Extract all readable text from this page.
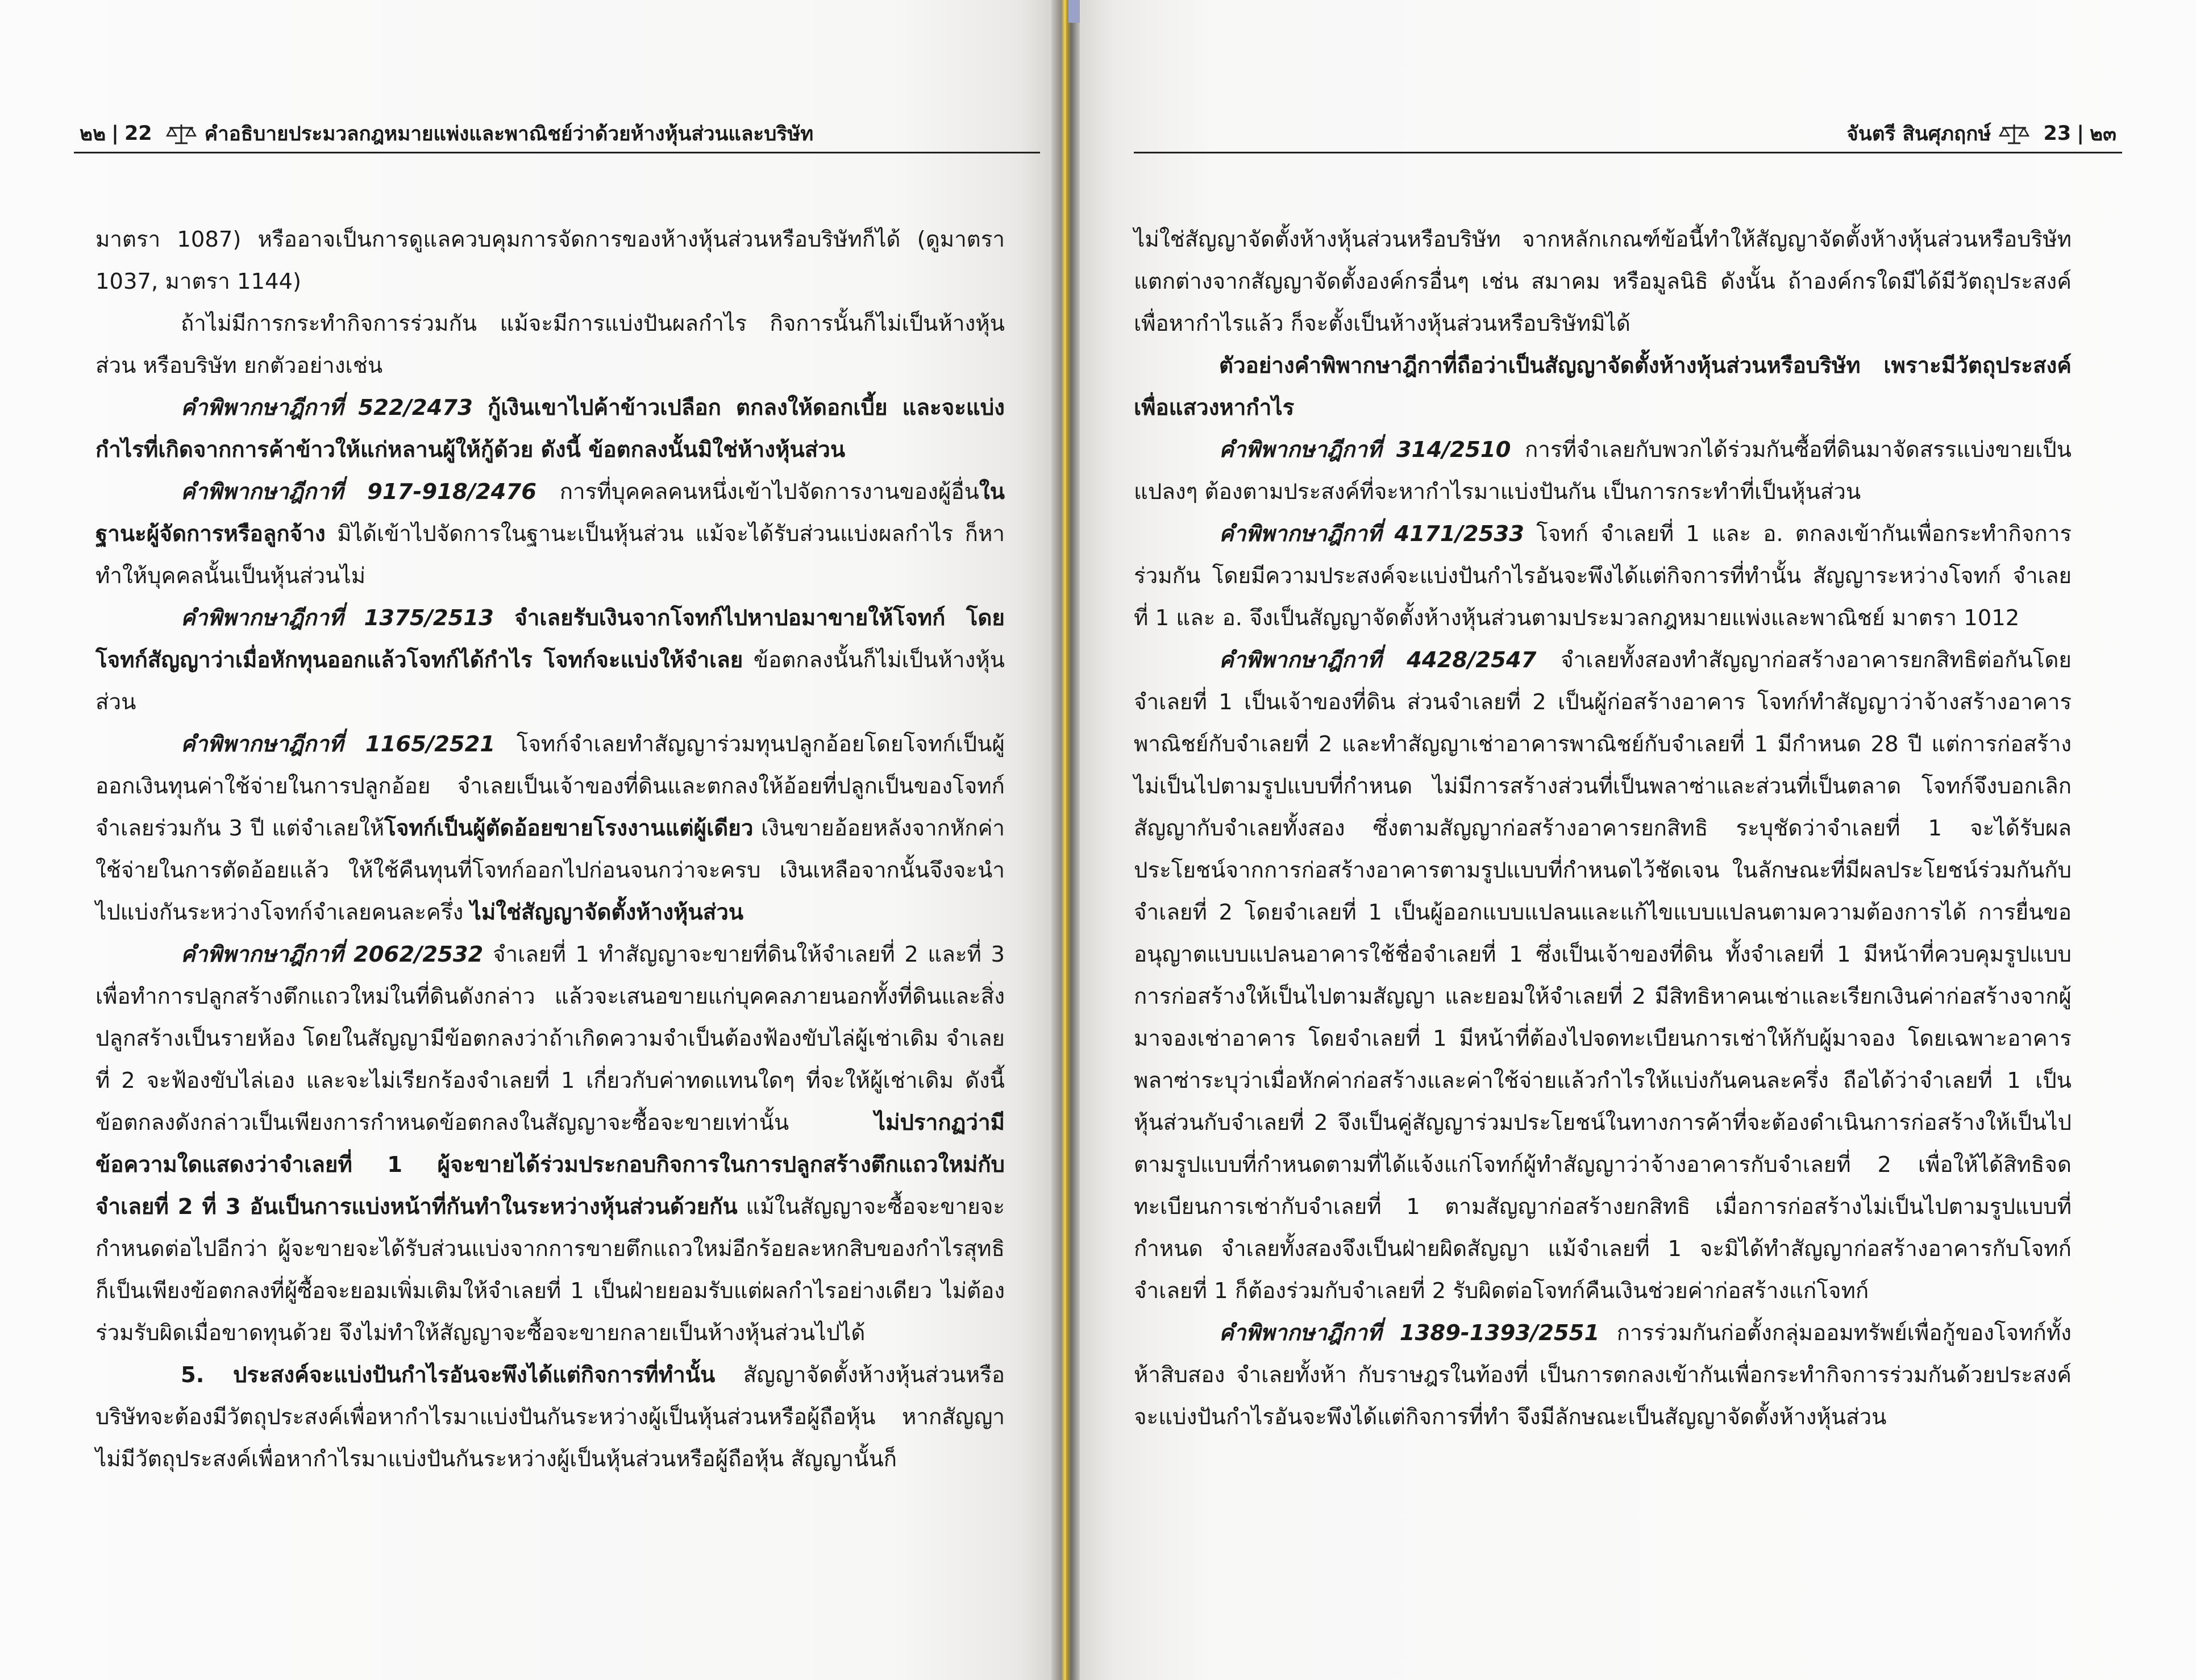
๒๒ | 22	คำอธิบายประมวลกฎหมายแพ่งและพาณิชย์ว่าด้วยห้างหุ้นส่วนและบริษัท

มาตรา 1087) หรืออาจเป็นการดูแลควบคุมการจัดการของห้างหุ้นส่วนหรือบริษัทก็ได้ (ดูมาตรา 1037, มาตรา 1144)

ถ้าไม่มีการกระทำกิจการร่วมกัน แม้จะมีการแบ่งปันผลกำไร กิจการนั้นก็ไม่เป็นห้างหุ้นส่วน หรือบริษัท ยกตัวอย่างเช่น

คำพิพากษาฎีกาที่ 522/2473 กู้เงินเขาไปค้าข้าวเปลือก ตกลงให้ดอกเบี้ย และจะแบ่งกำไรที่เกิดจากการค้าข้าวให้แก่หลานผู้ให้กู้ด้วย ดังนี้ ข้อตกลงนั้นมิใช่ห้างหุ้นส่วน

คำพิพากษาฎีกาที่ 917-918/2476 การที่บุคคลคนหนึ่งเข้าไปจัดการงานของผู้อื่นในฐานะผู้จัดการหรือลูกจ้าง มิได้เข้าไปจัดการในฐานะเป็นหุ้นส่วน แม้จะได้รับส่วนแบ่งผลกำไร ก็หาทำให้บุคคลนั้นเป็นหุ้นส่วนไม่

คำพิพากษาฎีกาที่ 1375/2513 จำเลยรับเงินจากโจทก์ไปหาปอมาขายให้โจทก์ โดยโจทก์สัญญาว่าเมื่อหักทุนออกแล้วโจทก์ได้กำไร โจทก์จะแบ่งให้จำเลย ข้อตกลงนั้นก็ไม่เป็นห้างหุ้นส่วน

คำพิพากษาฎีกาที่ 1165/2521 โจทก์จำเลยทำสัญญาร่วมทุนปลูกอ้อยโดยโจทก์เป็นผู้ออกเงินทุนค่าใช้จ่ายในการปลูกอ้อย จำเลยเป็นเจ้าของที่ดินและตกลงให้อ้อยที่ปลูกเป็นของโจทก์จำเลยร่วมกัน 3 ปี แต่จำเลยให้โจทก์เป็นผู้ตัดอ้อยขายโรงงานแต่ผู้เดียว เงินขายอ้อยหลังจากหักค่าใช้จ่ายในการตัดอ้อยแล้ว ให้ใช้คืนทุนที่โจทก์ออกไปก่อนจนกว่าจะครบ เงินเหลือจากนั้นจึงจะนำไปแบ่งกันระหว่างโจทก์จำเลยคนละครึ่ง ไม่ใช่สัญญาจัดตั้งห้างหุ้นส่วน

คำพิพากษาฎีกาที่ 2062/2532 จำเลยที่ 1 ทำสัญญาจะขายที่ดินให้จำเลยที่ 2 และที่ 3 เพื่อทำการปลูกสร้างตึกแถวใหม่ในที่ดินดังกล่าว แล้วจะเสนอขายแก่บุคคลภายนอกทั้งที่ดินและสิ่งปลูกสร้างเป็นรายห้อง โดยในสัญญามีข้อตกลงว่าถ้าเกิดความจำเป็นต้องฟ้องขับไล่ผู้เช่าเดิม จำเลยที่ 2 จะฟ้องขับไล่เอง และจะไม่เรียกร้องจำเลยที่ 1 เกี่ยวกับค่าทดแทนใดๆ ที่จะให้ผู้เช่าเดิม ดังนี้ ข้อตกลงดังกล่าวเป็นเพียงการกำหนดข้อตกลงในสัญญาจะซื้อจะขายเท่านั้น ไม่ปรากฏว่ามีข้อความใดแสดงว่าจำเลยที่ 1 ผู้จะขายได้ร่วมประกอบกิจการในการปลูกสร้างตึกแถวใหม่กับจำเลยที่ 2 ที่ 3 อันเป็นการแบ่งหน้าที่กันทำในระหว่างหุ้นส่วนด้วยกัน แม้ในสัญญาจะซื้อจะขายจะกำหนดต่อไปอีกว่า ผู้จะขายจะได้รับส่วนแบ่งจากการขายตึกแถวใหม่อีกร้อยละหกสิบของกำไรสุทธิ ก็เป็นเพียงข้อตกลงที่ผู้ซื้อจะยอมเพิ่มเติมให้จำเลยที่ 1 เป็นฝ่ายยอมรับแต่ผลกำไรอย่างเดียว ไม่ต้องร่วมรับผิดเมื่อขาดทุนด้วย จึงไม่ทำให้สัญญาจะซื้อจะขายกลายเป็นห้างหุ้นส่วนไปได้

5. ประสงค์จะแบ่งปันกำไรอันจะพึงได้แต่กิจการที่ทำนั้น สัญญาจัดตั้งห้างหุ้นส่วนหรือบริษัทจะต้องมีวัตถุประสงค์เพื่อหากำไรมาแบ่งปันกันระหว่างผู้เป็นหุ้นส่วนหรือผู้ถือหุ้น หากสัญญาไม่มีวัตถุประสงค์เพื่อหากำไรมาแบ่งปันกันระหว่างผู้เป็นหุ้นส่วนหรือผู้ถือหุ้น สัญญานั้นก็

จันตรี สินศุภฤกษ์	23 | ๒๓

ไม่ใช่สัญญาจัดตั้งห้างหุ้นส่วนหรือบริษัท จากหลักเกณฑ์ข้อนี้ทำให้สัญญาจัดตั้งห้างหุ้นส่วนหรือบริษัทแตกต่างจากสัญญาจัดตั้งองค์กรอื่นๆ เช่น สมาคม หรือมูลนิธิ ดังนั้น ถ้าองค์กรใดมีได้มีวัตถุประสงค์เพื่อหากำไรแล้ว ก็จะตั้งเป็นห้างหุ้นส่วนหรือบริษัทมิได้

ตัวอย่างคำพิพากษาฎีกาที่ถือว่าเป็นสัญญาจัดตั้งห้างหุ้นส่วนหรือบริษัท เพราะมีวัตถุประสงค์เพื่อแสวงหากำไร

คำพิพากษาฎีกาที่ 314/2510 การที่จำเลยกับพวกได้ร่วมกันซื้อที่ดินมาจัดสรรแบ่งขายเป็นแปลงๆ ต้องตามประสงค์ที่จะหากำไรมาแบ่งปันกัน เป็นการกระทำที่เป็นหุ้นส่วน

คำพิพากษาฎีกาที่ 4171/2533 โจทก์ จำเลยที่ 1 และ อ. ตกลงเข้ากันเพื่อกระทำกิจการร่วมกัน โดยมีความประสงค์จะแบ่งปันกำไรอันจะพึงได้แต่กิจการที่ทำนั้น สัญญาระหว่างโจทก์ จำเลยที่ 1 และ อ. จึงเป็นสัญญาจัดตั้งห้างหุ้นส่วนตามประมวลกฎหมายแพ่งและพาณิชย์ มาตรา 1012

คำพิพากษาฎีกาที่ 4428/2547 จำเลยทั้งสองทำสัญญาก่อสร้างอาคารยกสิทธิต่อกันโดยจำเลยที่ 1 เป็นเจ้าของที่ดิน ส่วนจำเลยที่ 2 เป็นผู้ก่อสร้างอาคาร โจทก์ทำสัญญาว่าจ้างสร้างอาคารพาณิชย์กับจำเลยที่ 2 และทำสัญญาเช่าอาคารพาณิชย์กับจำเลยที่ 1 มีกำหนด 28 ปี แต่การก่อสร้างไม่เป็นไปตามรูปแบบที่กำหนด ไม่มีการสร้างส่วนที่เป็นพลาซ่าและส่วนที่เป็นตลาด โจทก์จึงบอกเลิกสัญญากับจำเลยทั้งสอง ซึ่งตามสัญญาก่อสร้างอาคารยกสิทธิ ระบุชัดว่าจำเลยที่ 1 จะได้รับผลประโยชน์จากการก่อสร้างอาคารตามรูปแบบที่กำหนดไว้ชัดเจน ในลักษณะที่มีผลประโยชน์ร่วมกันกับจำเลยที่ 2 โดยจำเลยที่ 1 เป็นผู้ออกแบบแปลนและแก้ไขแบบแปลนตามความต้องการได้ การยื่นขออนุญาตแบบแปลนอาคารใช้ชื่อจำเลยที่ 1 ซึ่งเป็นเจ้าของที่ดิน ทั้งจำเลยที่ 1 มีหน้าที่ควบคุมรูปแบบการก่อสร้างให้เป็นไปตามสัญญา และยอมให้จำเลยที่ 2 มีสิทธิหาคนเช่าและเรียกเงินค่าก่อสร้างจากผู้มาจองเช่าอาคาร โดยจำเลยที่ 1 มีหน้าที่ต้องไปจดทะเบียนการเช่าให้กับผู้มาจอง โดยเฉพาะอาคารพลาซ่าระบุว่าเมื่อหักค่าก่อสร้างและค่าใช้จ่ายแล้วกำไรให้แบ่งกันคนละครึ่ง ถือได้ว่าจำเลยที่ 1 เป็นหุ้นส่วนกับจำเลยที่ 2 จึงเป็นคู่สัญญาร่วมประโยชน์ในทางการค้าที่จะต้องดำเนินการก่อสร้างให้เป็นไปตามรูปแบบที่กำหนดตามที่ได้แจ้งแก่โจทก์ผู้ทำสัญญาว่าจ้างอาคารกับจำเลยที่ 2 เพื่อให้ได้สิทธิจดทะเบียนการเช่ากับจำเลยที่ 1 ตามสัญญาก่อสร้างยกสิทธิ เมื่อการก่อสร้างไม่เป็นไปตามรูปแบบที่กำหนด จำเลยทั้งสองจึงเป็นฝ่ายผิดสัญญา แม้จำเลยที่ 1 จะมิได้ทำสัญญาก่อสร้างอาคารกับโจทก์ จำเลยที่ 1 ก็ต้องร่วมกับจำเลยที่ 2 รับผิดต่อโจทก์คืนเงินช่วยค่าก่อสร้างแก่โจทก์

คำพิพากษาฎีกาที่ 1389-1393/2551 การร่วมกันก่อตั้งกลุ่มออมทรัพย์เพื่อกู้ของโจทก์ทั้งห้าสิบสอง จำเลยทั้งห้า กับราษฎรในท้องที่ เป็นการตกลงเข้ากันเพื่อกระทำกิจการร่วมกันด้วยประสงค์จะแบ่งปันกำไรอันจะพึงได้แต่กิจการที่ทำ จึงมีลักษณะเป็นสัญญาจัดตั้งห้างหุ้นส่วน
